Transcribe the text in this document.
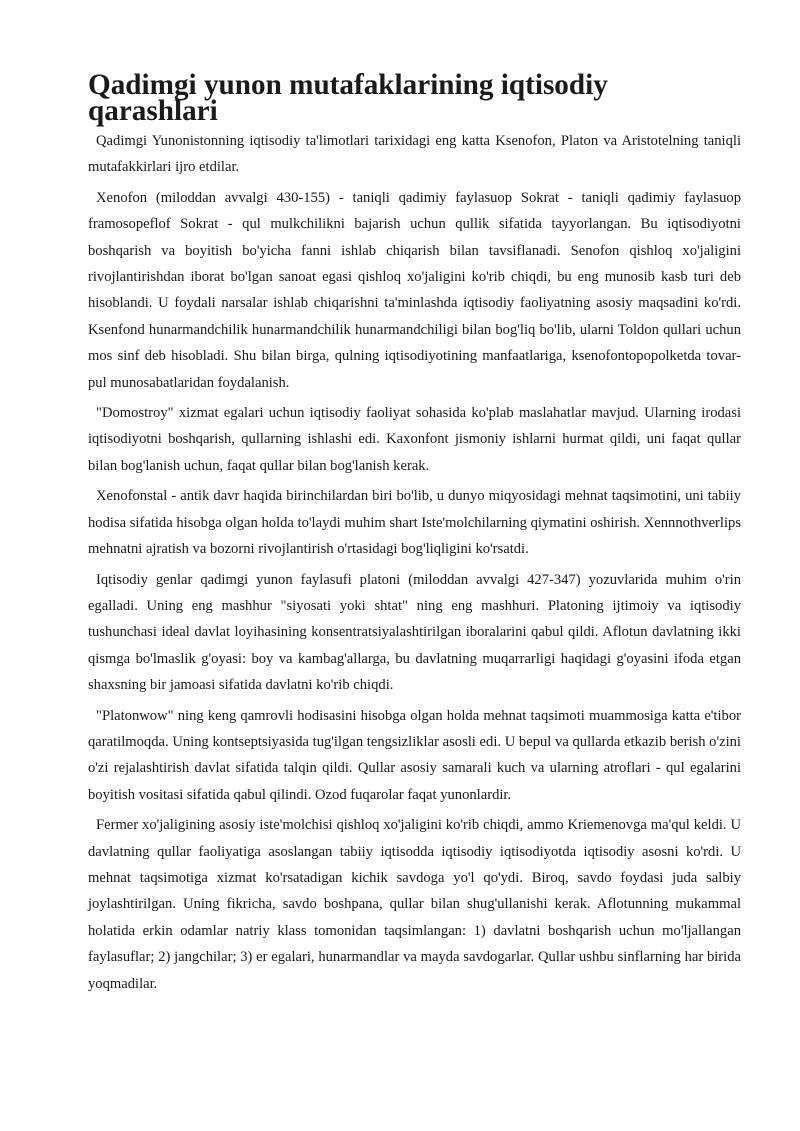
Qadimgi yunon mutafaklarining iqtisodiy qarashlari

Qadimgi Yunonistonning iqtisodiy ta'limotlari tarixidagi eng katta Ksenofon, Platon va Aristotelning taniqli mutafakkirlari ijro etdilar.

Xenofon (miloddan avvalgi 430-155) - taniqli qadimiy faylasuop Sokrat - taniqli qadimiy faylasuop framosopeflof Sokrat - qul mulkchilikni bajarish uchun qullik sifatida tayyorlangan. Bu iqtisodiyotni boshqarish va boyitish bo'yicha fanni ishlab chiqarish bilan tavsiflanadi. Senofon qishloq xo'jaligini rivojlantirishdan iborat bo'lgan sanoat egasi qishloq xo'jaligini ko'rib chiqdi, bu eng munosib kasb turi deb hisoblandi. U foydali narsalar ishlab chiqarishni ta'minlashda iqtisodiy faoliyatning asosiy maqsadini ko'rdi. Ksenfond hunarmandchilik hunarmandchilik hunarmandchiligi bilan bog'liq bo'lib, ularni Toldon qullari uchun mos sinf deb hisobladi. Shu bilan birga, qulning iqtisodiyotining manfaatlariga, ksenofontopopolketda tovar-pul munosabatlaridan foydalanish.

"Domostroy" xizmat egalari uchun iqtisodiy faoliyat sohasida ko'plab maslahatlar mavjud. Ularning irodasi iqtisodiyotni boshqarish, qullarning ishlashi edi. Kaxonfont jismoniy ishlarni hurmat qildi, uni faqat qullar bilan bog'lanish uchun, faqat qullar bilan bog'lanish kerak.

Xenofonstal - antik davr haqida birinchilardan biri bo'lib, u dunyo miqyosidagi mehnat taqsimotini, uni tabiiy hodisa sifatida hisobga olgan holda to'laydi muhim shart Iste'molchilarning qiymatini oshirish. Xennnothverlips mehnatni ajratish va bozorni rivojlantirish o'rtasidagi bog'liqligini ko'rsatdi.

Iqtisodiy genlar qadimgi yunon faylasufi platoni (miloddan avvalgi 427-347) yozuvlarida muhim o'rin egalladi. Uning eng mashhur "siyosati yoki shtat" ning eng mashhuri. Platoning ijtimoiy va iqtisodiy tushunchasi ideal davlat loyihasining konsentratsiyalashtirilgan iboralarini qabul qildi. Aflotun davlatning ikki qismga bo'lmaslik g'oyasi: boy va kambag'allarga, bu davlatning muqarrarligi haqidagi g'oyasini ifoda etgan shaxsning bir jamoasi sifatida davlatni ko'rib chiqdi.

"Platonwow" ning keng qamrovli hodisasini hisobga olgan holda mehnat taqsimoti muammosiga katta e'tibor qaratilmoqda. Uning kontseptsiyasida tug'ilgan tengsizliklar asosli edi. U bepul va qullarda etkazib berish o'zini o'zi rejalashtirish davlat sifatida talqin qildi. Qullar asosiy samarali kuch va ularning atroflari - qul egalarini boyitish vositasi sifatida qabul qilindi. Ozod fuqarolar faqat yunonlardir.

Fermer xo'jaligining asosiy iste'molchisi qishloq xo'jaligini ko'rib chiqdi, ammo Kriemenovga ma'qul keldi. U davlatning qullar faoliyatiga asoslangan tabiiy iqtisodda iqtisodiy iqtisodiyotda iqtisodiy asosni ko'rdi. U mehnat taqsimotiga xizmat ko'rsatadigan kichik savdoga yo'l qo'ydi. Biroq, savdo foydasi juda salbiy joylashtirilgan. Uning fikricha, savdo boshpana, qullar bilan shug'ullanishi kerak. Aflotunning mukammal holatida erkin odamlar natriy klass tomonidan taqsimlangan: 1) davlatni boshqarish uchun mo'ljallangan faylasuflar; 2) jangchilar; 3) er egalari, hunarmandlar va mayda savdogarlar. Qullar ushbu sinflarning har birida yoqmadilar.
